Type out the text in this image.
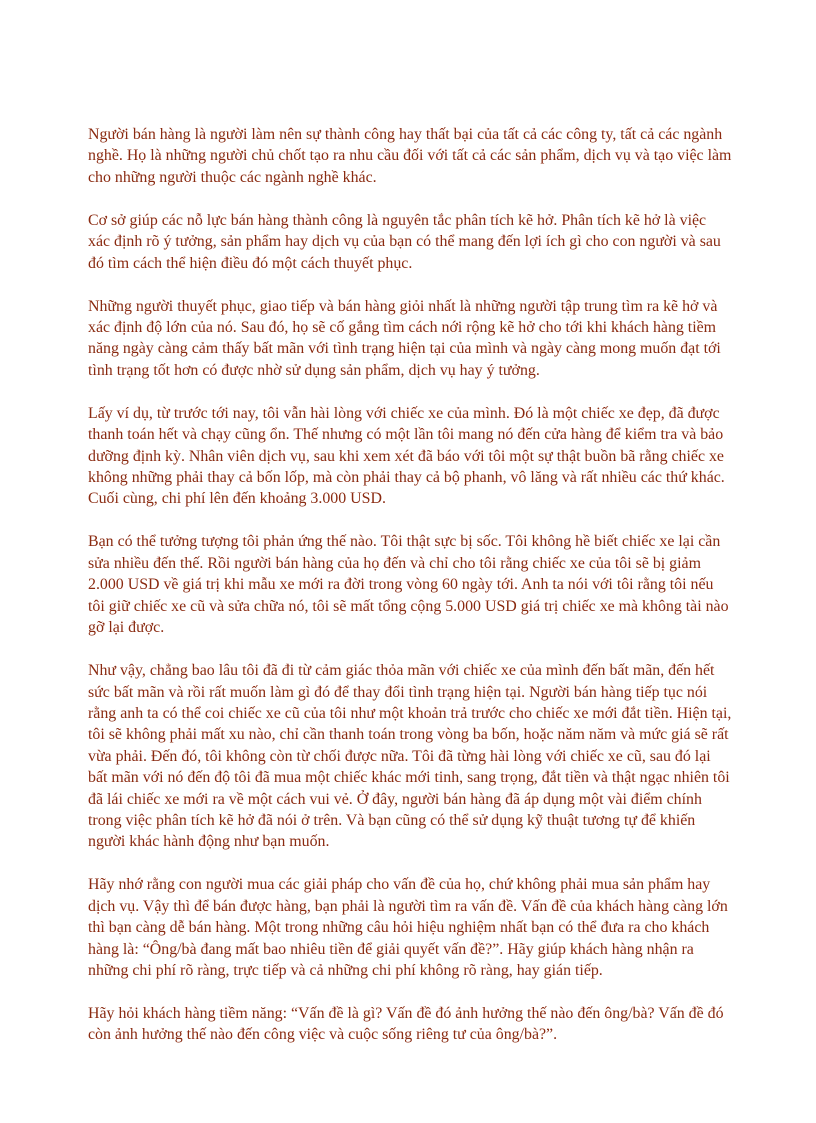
Người bán hàng là người làm nên sự thành công hay thất bại của tất cả các công ty, tất cả các ngành nghề. Họ là những người chủ chốt tạo ra nhu cầu đối với tất cả các sản phẩm, dịch vụ và tạo việc làm cho những người thuộc các ngành nghề khác.

Cơ sở giúp các nỗ lực bán hàng thành công là nguyên tắc phân tích kẽ hở. Phân tích kẽ hở là việc xác định rõ ý tưởng, sản phẩm hay dịch vụ của bạn có thể mang đến lợi ích gì cho con người và sau đó tìm cách thể hiện điều đó một cách thuyết phục.

Những người thuyết phục, giao tiếp và bán hàng giỏi nhất là những người tập trung tìm ra kẽ hở và xác định độ lớn của nó. Sau đó, họ sẽ cố gắng tìm cách nới rộng kẽ hở cho tới khi khách hàng tiềm năng ngày càng cảm thấy bất mãn với tình trạng hiện tại của mình và ngày càng mong muốn đạt tới tình trạng tốt hơn có được nhờ sử dụng sản phẩm, dịch vụ hay ý tưởng.

Lấy ví dụ, từ trước tới nay, tôi vẫn hài lòng với chiếc xe của mình. Đó là một chiếc xe đẹp, đã được thanh toán hết và chạy cũng ổn. Thế nhưng có một lần tôi mang nó đến cửa hàng để kiểm tra và bảo dưỡng định kỳ. Nhân viên dịch vụ, sau khi xem xét đã báo với tôi một sự thật buồn bã rằng chiếc xe không những phải thay cả bốn lốp, mà còn phải thay cả bộ phanh, vô lăng và rất nhiều các thứ khác. Cuối cùng, chi phí lên đến khoảng 3.000 USD.

Bạn có thể tưởng tượng tôi phản ứng thế nào. Tôi thật sực bị sốc. Tôi không hề biết chiếc xe lại cần sửa nhiều đến thế. Rồi người bán hàng của họ đến và chỉ cho tôi rằng chiếc xe của tôi sẽ bị giảm 2.000 USD về giá trị khi mẫu xe mới ra đời trong vòng 60 ngày tới. Anh ta nói với tôi rằng tôi nếu tôi giữ chiếc xe cũ và sửa chữa nó, tôi sẽ mất tổng cộng 5.000 USD giá trị chiếc xe mà không tài nào gỡ lại được.

Như vậy, chẳng bao lâu tôi đã đi từ cảm giác thỏa mãn với chiếc xe của mình đến bất mãn, đến hết sức bất mãn và rồi rất muốn làm gì đó để thay đổi tình trạng hiện tại. Người bán hàng tiếp tục nói rằng anh ta có thể coi chiếc xe cũ của tôi như một khoản trả trước cho chiếc xe mới đắt tiền. Hiện tại, tôi sẽ không phải mất xu nào, chỉ cần thanh toán trong vòng ba bốn, hoặc năm năm và mức giá sẽ rất vừa phải. Đến đó, tôi không còn từ chối được nữa. Tôi đã từng hài lòng với chiếc xe cũ, sau đó lại bất mãn với nó đến độ tôi đã mua một chiếc khác mới tinh, sang trọng, đắt tiền và thật ngạc nhiên tôi đã lái chiếc xe mới ra về một cách vui vẻ. Ở đây, người bán hàng đã áp dụng một vài điểm chính trong việc phân tích kẽ hở đã nói ở trên. Và bạn cũng có thể sử dụng kỹ thuật tương tự để khiến người khác hành động như bạn muốn.

Hãy nhớ rằng con người mua các giải pháp cho vấn đề của họ, chứ không phải mua sản phẩm hay dịch vụ. Vậy thì để bán được hàng, bạn phải là người tìm ra vấn đề. Vấn đề của khách hàng càng lớn thì bạn càng dễ bán hàng. Một trong những câu hỏi hiệu nghiệm nhất bạn có thể đưa ra cho khách hàng là: “Ông/bà đang mất bao nhiêu tiền để giải quyết vấn đề?”. Hãy giúp khách hàng nhận ra những chi phí rõ ràng, trực tiếp và cả những chi phí không rõ ràng, hay gián tiếp.

Hãy hỏi khách hàng tiềm năng: “Vấn đề là gì? Vấn đề đó ảnh hưởng thế nào đến ông/bà? Vấn đề đó còn ảnh hưởng thế nào đến công việc và cuộc sống riêng tư của ông/bà?”.
